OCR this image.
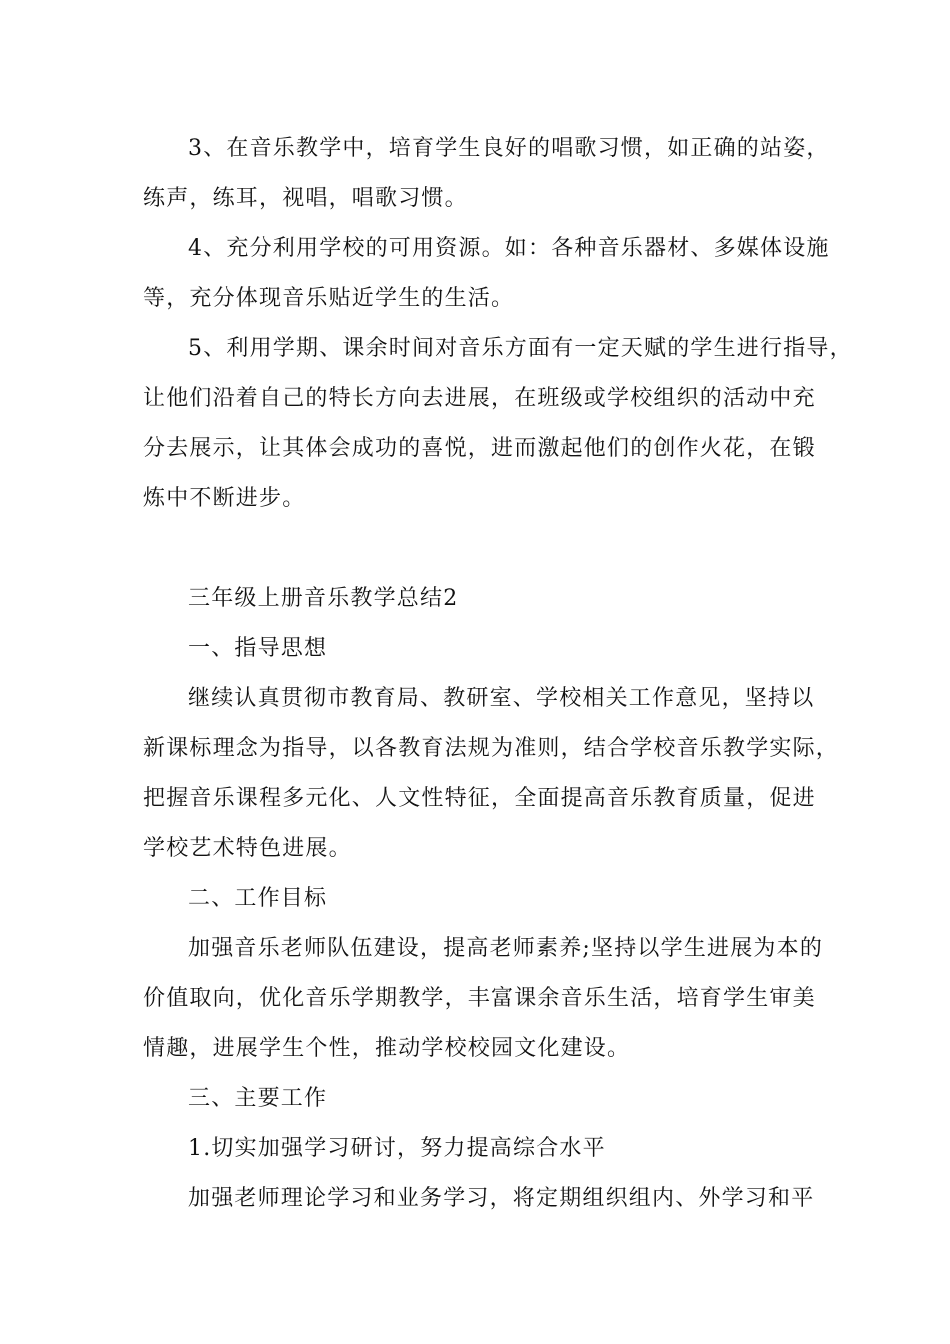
3、在音乐教学中，培育学生良好的唱歌习惯，如正确的站姿，
练声，练耳，视唱，唱歌习惯。
4、充分利用学校的可用资源。如：各种音乐器材、多媒体设施
等，充分体现音乐贴近学生的生活。
5、利用学期、课余时间对音乐方面有一定天赋的学生进行指导，
让他们沿着自己的特长方向去进展，在班级或学校组织的活动中充
分去展示，让其体会成功的喜悦，进而激起他们的创作火花，在锻
炼中不断进步。
三年级上册音乐教学总结2
一、指导思想
继续认真贯彻市教育局、教研室、学校相关工作意见，坚持以
新课标理念为指导，以各教育法规为准则，结合学校音乐教学实际，
把握音乐课程多元化、人文性特征，全面提高音乐教育质量，促进
学校艺术特色进展。
二、工作目标
加强音乐老师队伍建设，提高老师素养;坚持以学生进展为本的
价值取向，优化音乐学期教学，丰富课余音乐生活，培育学生审美
情趣，进展学生个性，推动学校校园文化建设。
三、主要工作
1.切实加强学习研讨，努力提高综合水平
加强老师理论学习和业务学习，将定期组织组内、外学习和平
